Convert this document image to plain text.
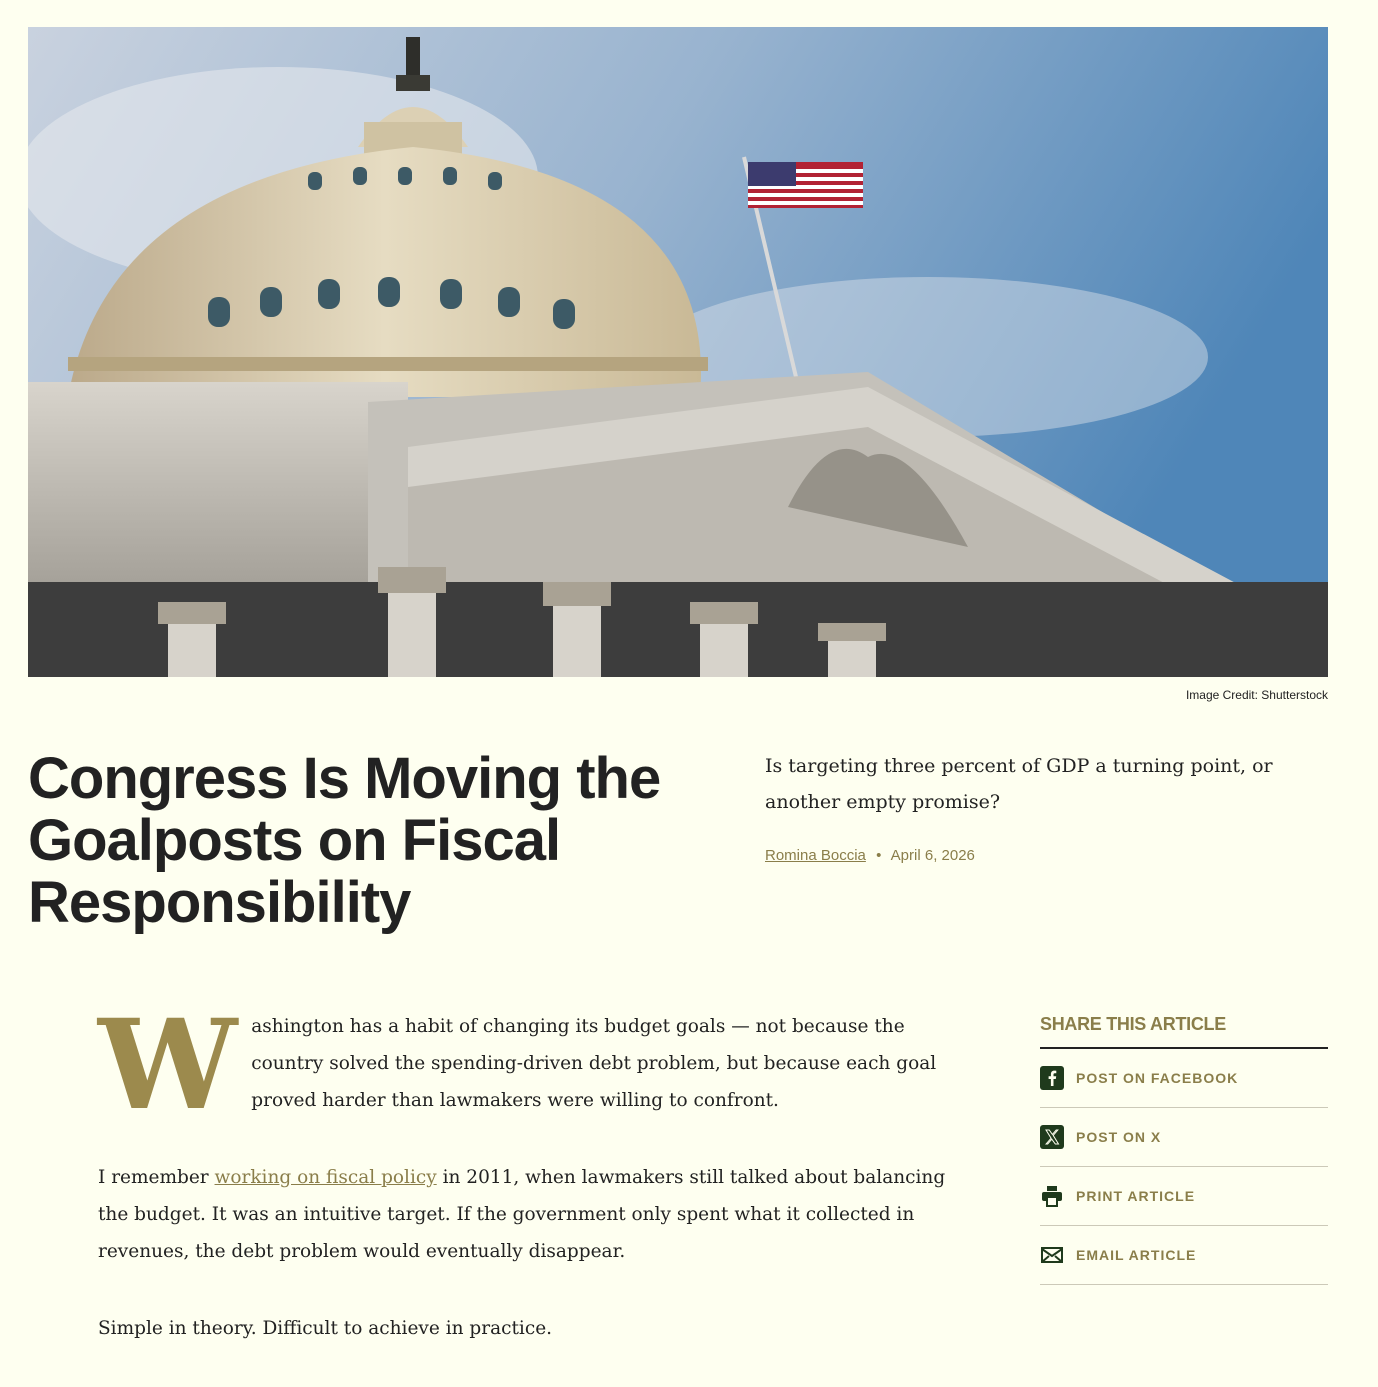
Image Credit: Shutterstock
Congress Is Moving the Goalposts on Fiscal Responsibility

Is targeting three percent of GDP a turning point, or another empty promise?

Romina Boccia • April 6, 2026

Washington has a habit of changing its budget goals — not because the country solved the spending-driven debt problem, but because each goal proved harder than lawmakers were willing to confront.

I remember working on fiscal policy in 2011, when lawmakers still talked about balancing the budget. It was an intuitive target. If the government only spent what it collected in revenues, the debt problem would eventually disappear.

Simple in theory. Difficult to achieve in practice.

SHARE THIS ARTICLE
POST ON FACEBOOK
POST ON X
PRINT ARTICLE
EMAIL ARTICLE
